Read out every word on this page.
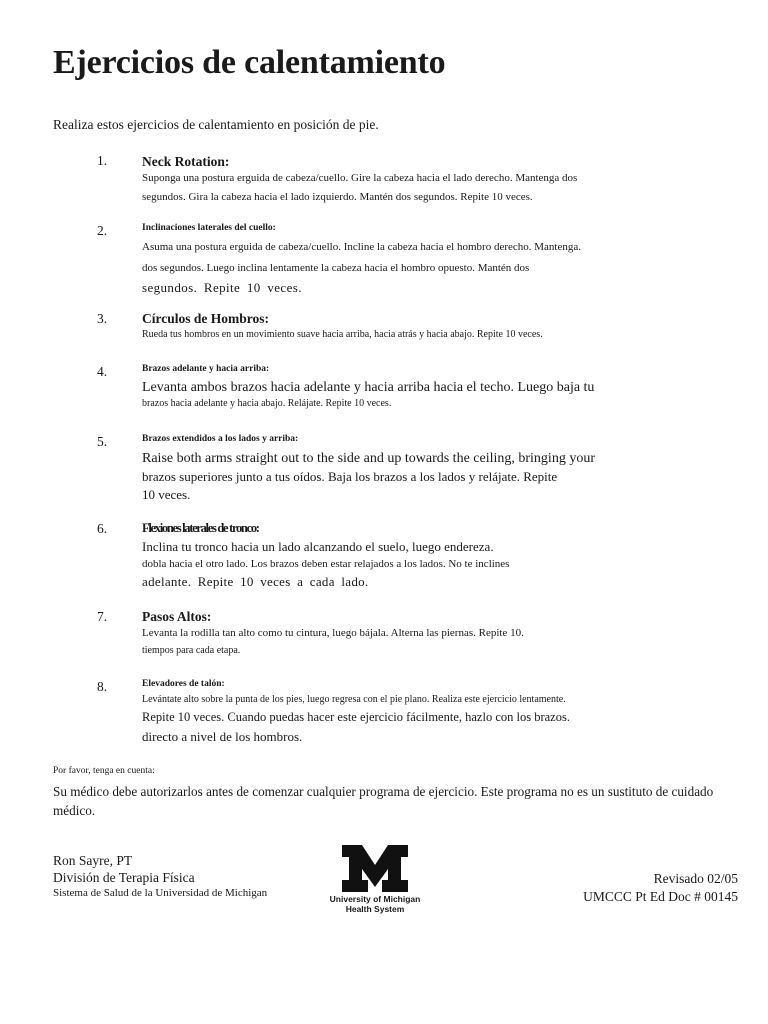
Ejercicios de calentamiento

Realiza estos ejercicios de calentamiento en posición de pie.

1.	Neck Rotation:

Suponga una postura erguida de cabeza/cuello. Gire la cabeza hacia el lado derecho. Mantenga dos

segundos. Gira la cabeza hacia el lado izquierdo. Mantén dos segundos. Repite 10 veces.

2.	Inclinaciones laterales del cuello:

Asuma una postura erguida de cabeza/cuello. Incline la cabeza hacia el hombro derecho. Mantenga.

dos segundos. Luego inclina lentamente la cabeza hacia el hombro opuesto. Mantén dos

segundos. Repite 10 veces.

3.	Círculos de Hombros:

Rueda tus hombros en un movimiento suave hacia arriba, hacia atrás y hacia abajo. Repite 10 veces.

4.	Brazos adelante y hacia arriba:

Levanta ambos brazos hacia adelante y hacia arriba hacia el techo. Luego baja tu

brazos hacia adelante y hacia abajo. Relájate. Repite 10 veces.

5.	Brazos extendidos a los lados y arriba:

Raise both arms straight out to the side and up towards the ceiling, bringing your

brazos superiores junto a tus oídos. Baja los brazos a los lados y relájate. Repite

10 veces.

6.	Flexiones laterales de tronco:

Inclina tu tronco hacia un lado alcanzando el suelo, luego endereza.

dobla hacia el otro lado. Los brazos deben estar relajados a los lados. No te inclines

adelante. Repite 10 veces a cada lado.

7.	Pasos Altos:

Levanta la rodilla tan alto como tu cintura, luego bájala. Alterna las piernas. Repite 10.

tiempos para cada etapa.

8.	Elevadores de talón:

Levántate alto sobre la punta de los pies, luego regresa con el pie plano. Realiza este ejercicio lentamente.

Repite 10 veces. Cuando puedas hacer este ejercicio fácilmente, hazlo con los brazos.

directo a nivel de los hombros.

Por favor, tenga en cuenta:

Su médico debe autorizarlos antes de comenzar cualquier programa de ejercicio. Este programa no es un sustituto de cuidado médico.

Ron Sayre, PT

División de Terapia Física

Sistema de Salud de la Universidad de Michigan	University of Michigan

Health System

Revisado 02/05

UMCCC Pt Ed Doc # 00145
